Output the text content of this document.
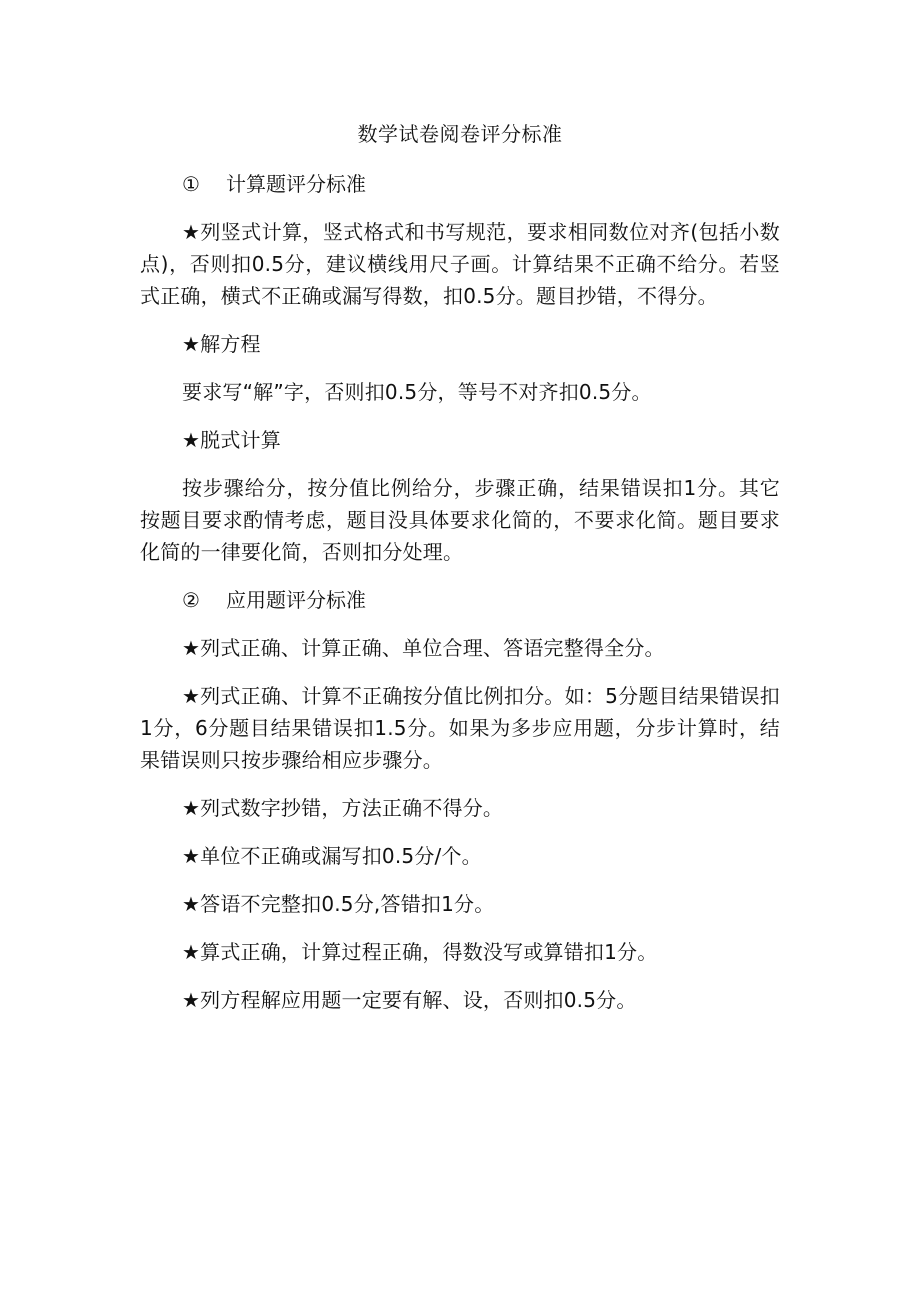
数学试卷阅卷评分标准
① 计算题评分标准

★列竖式计算，竖式格式和书写规范，要求相同数位对齐(包括小数点)，否则扣0.5分，建议横线用尺子画。计算结果不正确不给分。若竖式正确，横式不正确或漏写得数，扣0.5分。题目抄错，不得分。

★解方程

要求写“解”字，否则扣0.5分，等号不对齐扣0.5分。

★脱式计算

按步骤给分，按分值比例给分，步骤正确，结果错误扣1分。其它按题目要求酌情考虑，题目没具体要求化简的，不要求化简。题目要求化简的一律要化简，否则扣分处理。

② 应用题评分标准

★列式正确、计算正确、单位合理、答语完整得全分。

★列式正确、计算不正确按分值比例扣分。如：5分题目结果错误扣1分，6分题目结果错误扣1.5分。如果为多步应用题，分步计算时，结果错误则只按步骤给相应步骤分。

★列式数字抄错，方法正确不得分。

★单位不正确或漏写扣0.5分/个。

★答语不完整扣0.5分,答错扣1分。

★算式正确，计算过程正确，得数没写或算错扣1分。

★列方程解应用题一定要有解、设，否则扣0.5分。
